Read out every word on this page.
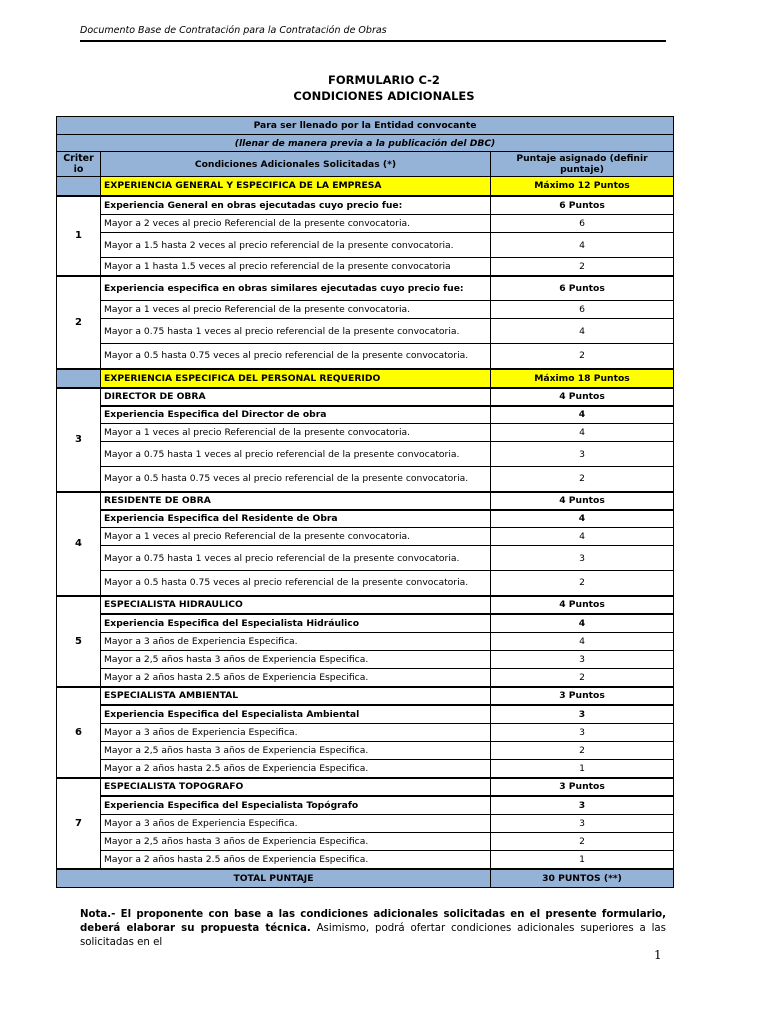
Documento Base de Contratación para la Contratación de Obras
FORMULARIO C-2
CONDICIONES ADICIONALES
Para ser llenado por la Entidad convocante		
(llenar de manera previa a la publicación del DBC)		
Criter io	Condiciones Adicionales Solicitadas (*)	Puntaje asignado (definir puntaje)
	EXPERIENCIA GENERAL Y ESPECIFICA DE LA EMPRESA	Máximo 12 Puntos
1	Experiencia General en obras ejecutadas cuyo precio fue:	6 Puntos
	Mayor a 2 veces al precio Referencial de la presente convocatoria.	6
	Mayor a 1.5 hasta 2 veces al precio referencial de la presente convocatoria.	4
	Mayor a 1 hasta 1.5 veces al precio referencial de la presente convocatoria	2
2	Experiencia especifica en obras similares ejecutadas cuyo precio fue:	6 Puntos
	Mayor a 1 veces al precio Referencial de la presente convocatoria.	6
	Mayor a 0.75 hasta 1 veces al precio referencial de la presente convocatoria.	4
	Mayor a 0.5 hasta 0.75 veces al precio referencial de la presente convocatoria.	2
	EXPERIENCIA ESPECIFICA DEL PERSONAL REQUERIDO	Máximo 18 Puntos
3	DIRECTOR DE OBRA	4 Puntos
	Experiencia Especifica del Director de obra	4
	Mayor a 1 veces al precio Referencial de la presente convocatoria.	4
	Mayor a 0.75 hasta 1 veces al precio referencial de la presente convocatoria.	3
	Mayor a 0.5 hasta 0.75 veces al precio referencial de la presente convocatoria.	2
4	RESIDENTE DE OBRA	4 Puntos
	Experiencia Especifica del Residente de Obra	4
	Mayor a 1 veces al precio Referencial de la presente convocatoria.	4
	Mayor a 0.75 hasta 1 veces al precio referencial de la presente convocatoria.	3
	Mayor a 0.5 hasta 0.75 veces al precio referencial de la presente convocatoria.	2
5	ESPECIALISTA HIDRAULICO	4 Puntos
	Experiencia Especifica del Especialista Hidráulico	4
	Mayor a 3 años de Experiencia Especifica.	4
	Mayor a 2,5 años hasta 3 años de Experiencia Especifica.	3
	Mayor a 2 años hasta 2.5 años de Experiencia Especifica.	2
6	ESPECIALISTA AMBIENTAL	3 Puntos
	Experiencia Especifica del Especialista Ambiental	3
	Mayor a 3 años de Experiencia Especifica.	3
	Mayor a 2,5 años hasta 3 años de Experiencia Especifica.	2
	Mayor a 2 años hasta 2.5 años de Experiencia Especifica.	1
7	ESPECIALISTA TOPOGRAFO	3 Puntos
	Experiencia Especifica del Especialista Topógrafo	3
	Mayor a 3 años de Experiencia Especifica.	3
	Mayor a 2,5 años hasta 3 años de Experiencia Especifica.	2
	Mayor a 2 años hasta 2.5 años de Experiencia Especifica.	1
TOTAL PUNTAJE		30 PUNTOS (**)
Nota.- El proponente con base a las condiciones adicionales solicitadas en el presente formulario, deberá elaborar su propuesta técnica. Asimismo, podrá ofertar condiciones adicionales superiores a las solicitadas en el
1
